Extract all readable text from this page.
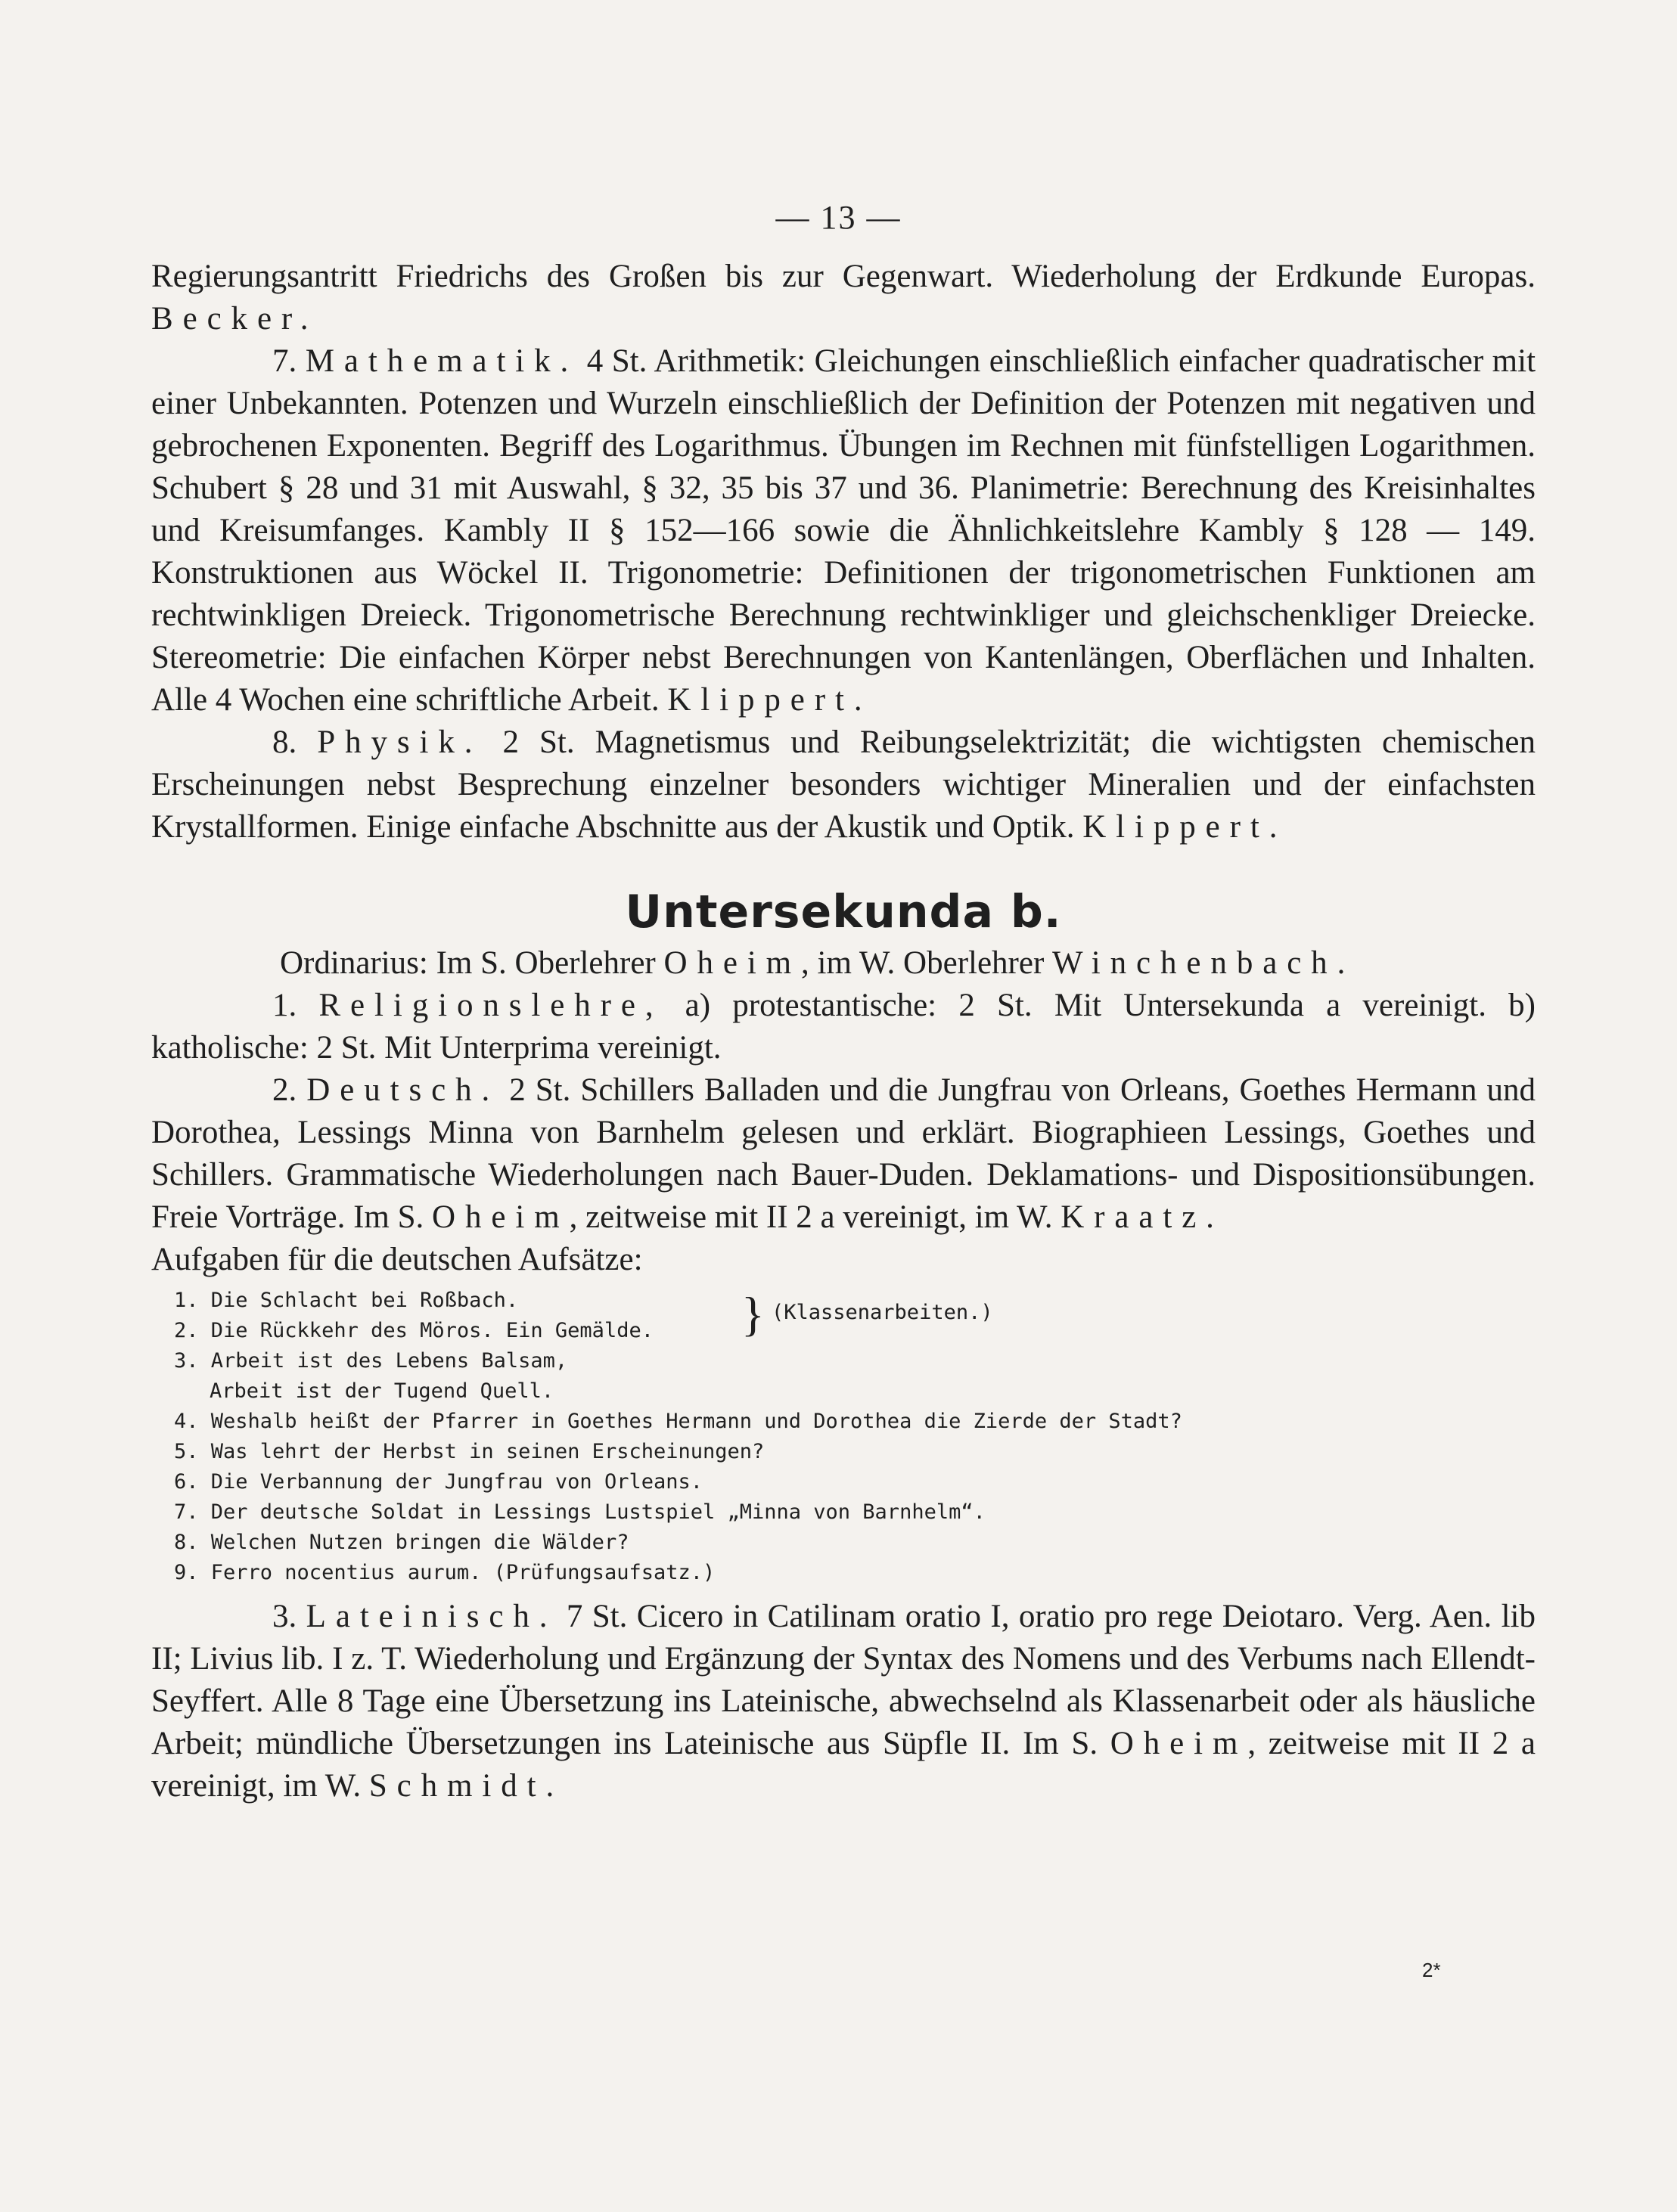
— 13 —

Regierungsantritt Friedrichs des Großen bis zur Gegenwart. Wiederholung der Erdkunde Europas. Becker.

7. Mathematik. 4 St. Arithmetik: Gleichungen einschließlich einfacher quadratischer mit einer Unbekannten. Potenzen und Wurzeln einschließlich der Definition der Potenzen mit negativen und gebrochenen Exponenten. Begriff des Logarithmus. Übungen im Rechnen mit fünfstelligen Logarithmen. Schubert § 28 und 31 mit Auswahl, § 32, 35 bis 37 und 36. Planimetrie: Berechnung des Kreisinhaltes und Kreisumfanges. Kambly II § 152—166 sowie die Ähnlichkeitslehre Kambly § 128 — 149. Konstruktionen aus Wöckel II. Trigonometrie: Definitionen der trigonometrischen Funktionen am rechtwinkligen Dreieck. Trigonometrische Berechnung rechtwinkliger und gleichschenkliger Dreiecke. Stereometrie: Die einfachen Körper nebst Berechnungen von Kantenlängen, Oberflächen und Inhalten. Alle 4 Wochen eine schriftliche Arbeit. Klippert.

8. Physik. 2 St. Magnetismus und Reibungselektrizität; die wichtigsten chemischen Erscheinungen nebst Besprechung einzelner besonders wichtiger Mineralien und der einfachsten Krystallformen. Einige einfache Abschnitte aus der Akustik und Optik. Klippert.

Untersekunda b.

Ordinarius: Im S. Oberlehrer Oheim, im W. Oberlehrer Winchenbach.

1. Religionslehre, a) protestantische: 2 St. Mit Untersekunda a vereinigt. b) katholische: 2 St. Mit Unterprima vereinigt.

2. Deutsch. 2 St. Schillers Balladen und die Jungfrau von Orleans, Goethes Hermann und Dorothea, Lessings Minna von Barnhelm gelesen und erklärt. Biographieen Lessings, Goethes und Schillers. Grammatische Wiederholungen nach Bauer-Duden. Deklamations- und Dispositionsübungen. Freie Vorträge. Im S. Oheim, zeitweise mit II 2 a vereinigt, im W. Kraatz.

Aufgaben für die deutschen Aufsätze:

1. Die Schlacht bei Roßbach.
2. Die Rückkehr des Möros. Ein Gemälde.
3. Arbeit ist des Lebens Balsam,
Arbeit ist der Tugend Quell.
4. Weshalb heißt der Pfarrer in Goethes Hermann und Dorothea die Zierde der Stadt?
5. Was lehrt der Herbst in seinen Erscheinungen?
6. Die Verbannung der Jungfrau von Orleans.
7. Der deutsche Soldat in Lessings Lustspiel „Minna von Barnhelm“.
8. Welchen Nutzen bringen die Wälder?
9. Ferro nocentius aurum. (Prüfungsaufsatz.)
} (Klassenarbeiten.)

3. Lateinisch. 7 St. Cicero in Catilinam oratio I, oratio pro rege Deiotaro. Verg. Aen. lib II; Livius lib. I z. T. Wiederholung und Ergänzung der Syntax des Nomens und des Verbums nach Ellendt-Seyffert. Alle 8 Tage eine Übersetzung ins Lateinische, abwechselnd als Klassenarbeit oder als häusliche Arbeit; mündliche Übersetzungen ins Lateinische aus Süpfle II. Im S. Oheim, zeitweise mit II 2 a vereinigt, im W. Schmidt.

2*
